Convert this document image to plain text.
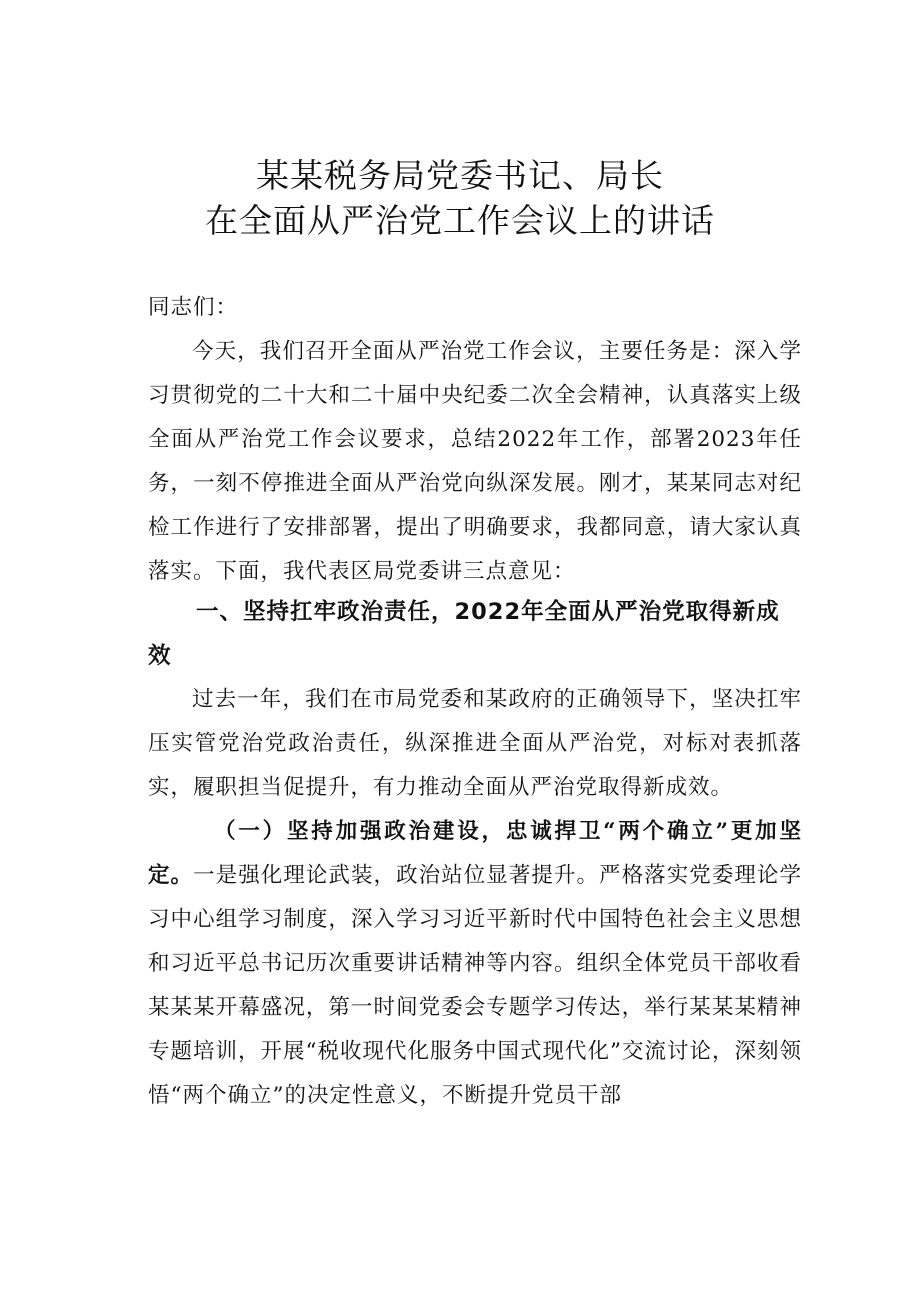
某某税务局党委书记、局长
在全面从严治党工作会议上的讲话
同志们：
今天，我们召开全面从严治党工作会议，主要任务是：深入学习贯彻党的二十大和二十届中央纪委二次全会精神，认真落实上级全面从严治党工作会议要求，总结2022年工作，部署2023年任务，一刻不停推进全面从严治党向纵深发展。刚才，某某同志对纪检工作进行了安排部署，提出了明确要求，我都同意，请大家认真落实。下面，我代表区局党委讲三点意见：
一、坚持扛牢政治责任，2022年全面从严治党取得新成效
过去一年，我们在市局党委和某政府的正确领导下，坚决扛牢压实管党治党政治责任，纵深推进全面从严治党，对标对表抓落实，履职担当促提升，有力推动全面从严治党取得新成效。
（一）坚持加强政治建设，忠诚捍卫“两个确立”更加坚定。一是强化理论武装，政治站位显著提升。严格落实党委理论学习中心组学习制度，深入学习习近平新时代中国特色社会主义思想和习近平总书记历次重要讲话精神等内容。组织全体党员干部收看某某某开幕盛况，第一时间党委会专题学习传达，举行某某某精神专题培训，开展“税收现代化服务中国式现代化”交流讨论，深刻领悟“两个确立”的决定性意义，不断提升党员干部
